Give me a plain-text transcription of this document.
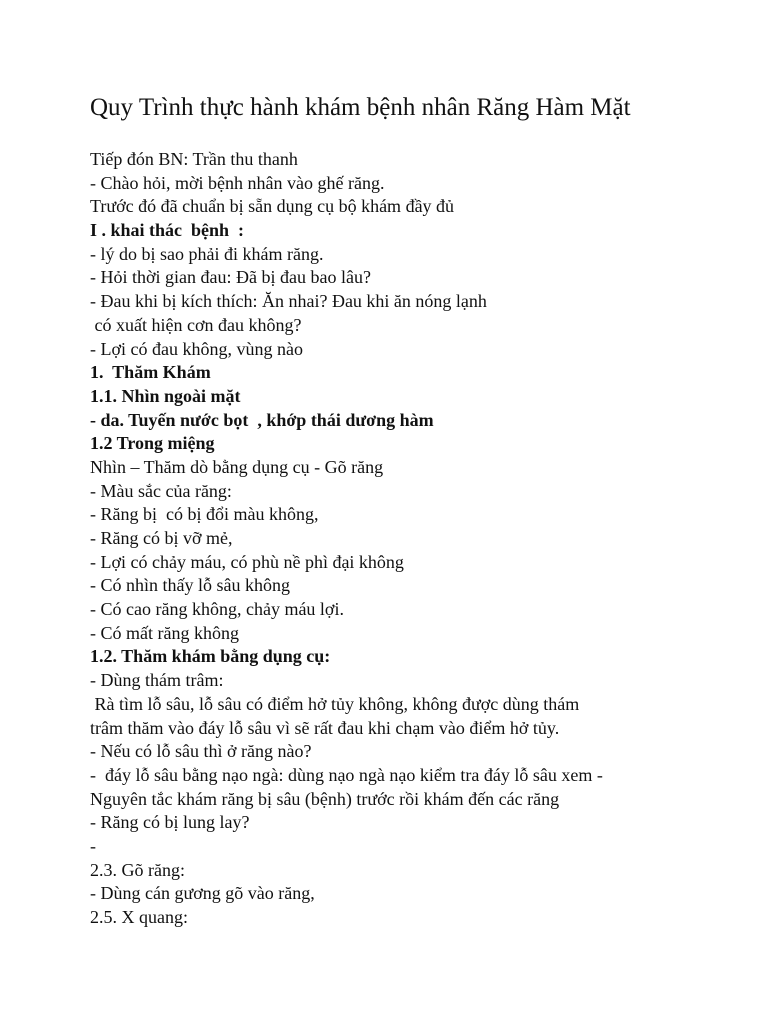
Quy Trình thực hành khám bệnh nhân Răng Hàm Mặt
Tiếp đón BN: Trần thu thanh
- Chào hỏi, mời bệnh nhân vào ghế răng.
Trước đó đã chuẩn bị sẵn dụng cụ bộ khám đầy đủ
I . khai thác  bệnh  :
- lý do bị sao phải đi khám răng.
- Hỏi thời gian đau: Đã bị đau bao lâu?
- Đau khi bị kích thích: Ăn nhai? Đau khi ăn nóng lạnh
có xuất hiện cơn đau không?
- Lợi có đau không, vùng nào
1.  Thăm Khám
1.1. Nhìn ngoài mặt
- da. Tuyến nước bọt  , khớp thái dương hàm
1.2 Trong miệng
Nhìn – Thăm dò bằng dụng cụ - Gõ răng
- Màu sắc của răng:
- Răng bị  có bị đổi màu không,
- Răng có bị vỡ mẻ,
- Lợi có chảy máu, có phù nề phì đại không
- Có nhìn thấy lỗ sâu không
- Có cao răng không, chảy máu lợi.
- Có mất răng không
1.2. Thăm khám bằng dụng cụ:
- Dùng thám trâm:
Rà tìm lỗ sâu, lỗ sâu có điểm hở tủy không, không được dùng thám
trâm thăm vào đáy lỗ sâu vì sẽ rất đau khi chạm vào điểm hở tủy.
- Nếu có lỗ sâu thì ở răng nào?
-  đáy lỗ sâu bằng nạo ngà: dùng nạo ngà nạo kiểm tra đáy lỗ sâu xem -
Nguyên tắc khám răng bị sâu (bệnh) trước rồi khám đến các răng
- Răng có bị lung lay?
-
2.3. Gõ răng:
- Dùng cán gương gõ vào răng,
2.5. X quang:
